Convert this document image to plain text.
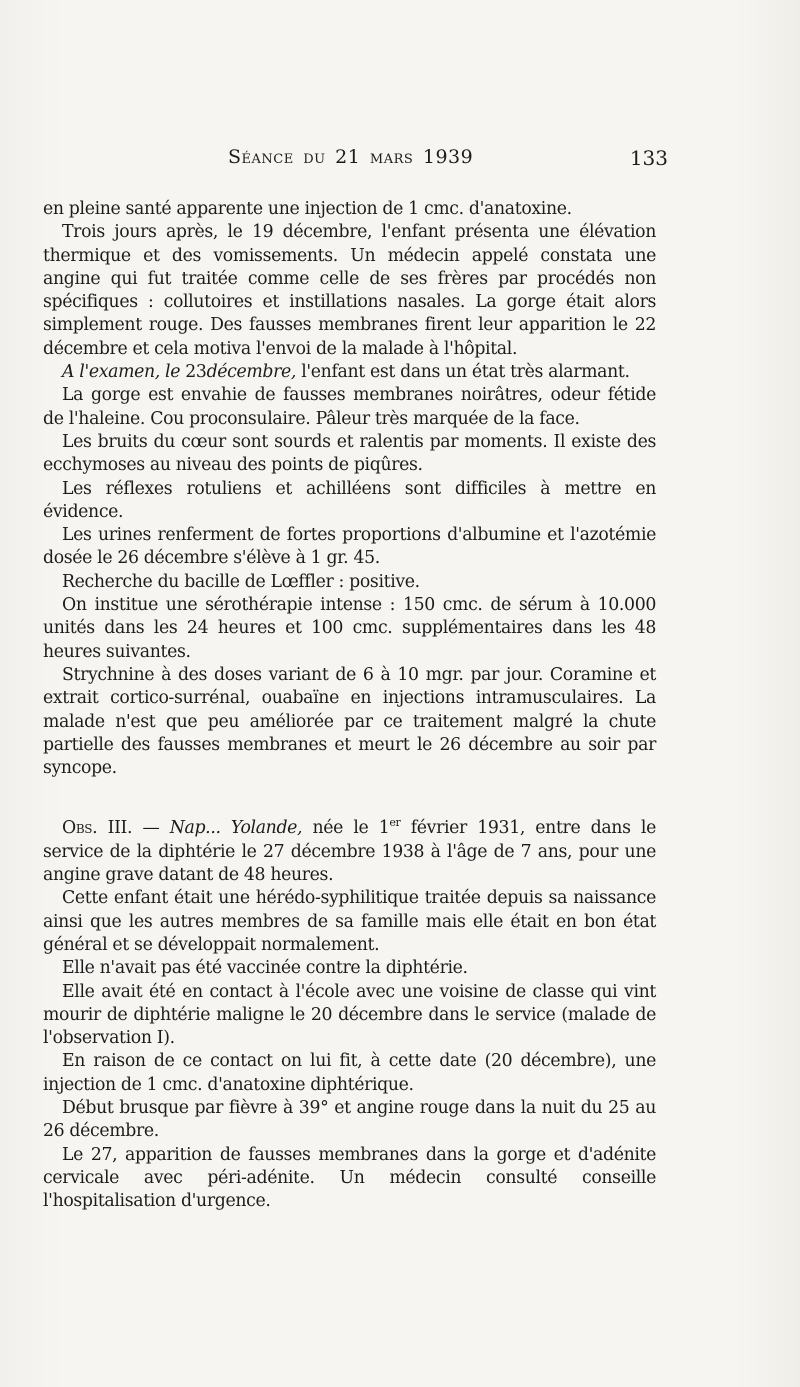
Séance du 21 mars 1939	133

en pleine santé apparente une injection de 1 cmc. d'anatoxine.

Trois jours après, le 19 décembre, l'enfant présenta une élévation thermique et des vomissements. Un médecin appelé constata une angine qui fut traitée comme celle de ses frères par procédés non spécifiques : collutoires et instillations nasales. La gorge était alors simplement rouge. Des fausses membranes firent leur apparition le 22 décembre et cela motiva l'envoi de la malade à l'hôpital.

A l'examen, le 23décembre, l'enfant est dans un état très alarmant.

La gorge est envahie de fausses membranes noirâtres, odeur fétide de l'haleine. Cou proconsulaire. Pâleur très marquée de la face.

Les bruits du cœur sont sourds et ralentis par moments. Il existe des ecchymoses au niveau des points de piqûres.

Les réflexes rotuliens et achilléens sont difficiles à mettre en évidence.

Les urines renferment de fortes proportions d'albumine et l'azotémie dosée le 26 décembre s'élève à 1 gr. 45.

Recherche du bacille de Lœffler : positive.

On institue une sérothérapie intense : 150 cmc. de sérum à 10.000 unités dans les 24 heures et 100 cmc. supplémentaires dans les 48 heures suivantes.

Strychnine à des doses variant de 6 à 10 mgr. par jour. Coramine et extrait cortico-surrénal, ouabaïne en injections intramusculaires. La malade n'est que peu améliorée par ce traitement malgré la chute partielle des fausses membranes et meurt le 26 décembre au soir par syncope.

Obs. III. — Nap... Yolande, née le 1er février 1931, entre dans le service de la diphtérie le 27 décembre 1938 à l'âge de 7 ans, pour une angine grave datant de 48 heures.

Cette enfant était une hérédo-syphilitique traitée depuis sa naissance ainsi que les autres membres de sa famille mais elle était en bon état général et se développait normalement.

Elle n'avait pas été vaccinée contre la diphtérie.

Elle avait été en contact à l'école avec une voisine de classe qui vint mourir de diphtérie maligne le 20 décembre dans le service (malade de l'observation I).

En raison de ce contact on lui fit, à cette date (20 décembre), une injection de 1 cmc. d'anatoxine diphtérique.

Début brusque par fièvre à 39° et angine rouge dans la nuit du 25 au 26 décembre.

Le 27, apparition de fausses membranes dans la gorge et d'adénite cervicale avec péri-adénite. Un médecin consulté conseille l'hospitalisation d'urgence.
